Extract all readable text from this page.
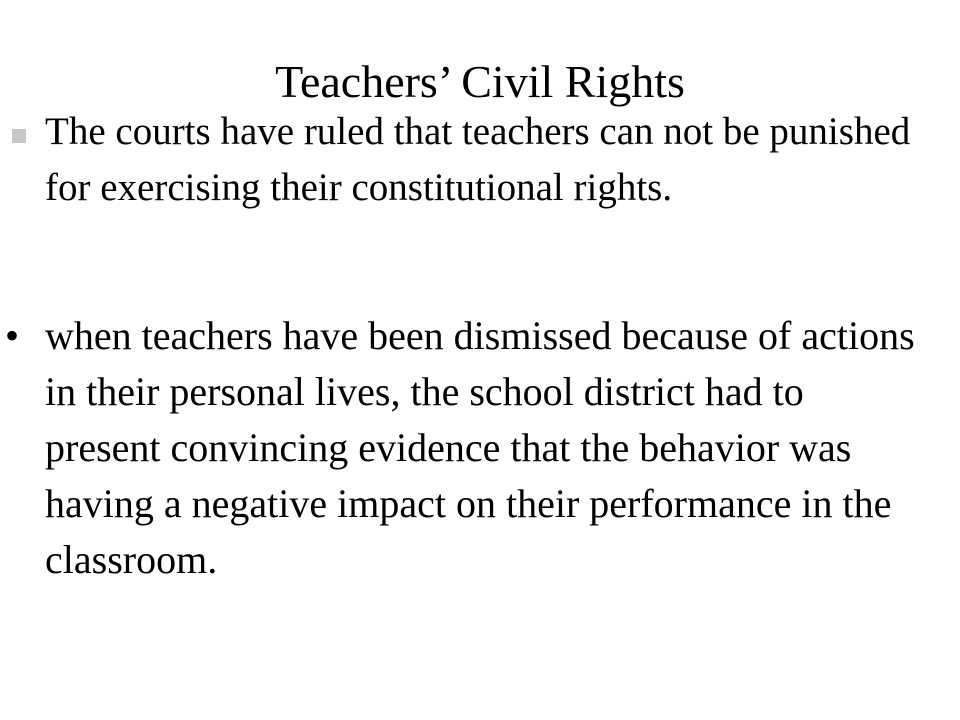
Teachers’ Civil Rights
The courts have ruled that teachers can not be punished for exercising their constitutional rights.
• when teachers have been dismissed because of actions in their personal lives, the school district had to present convincing evidence that the behavior was having a negative impact on their performance in the classroom.
